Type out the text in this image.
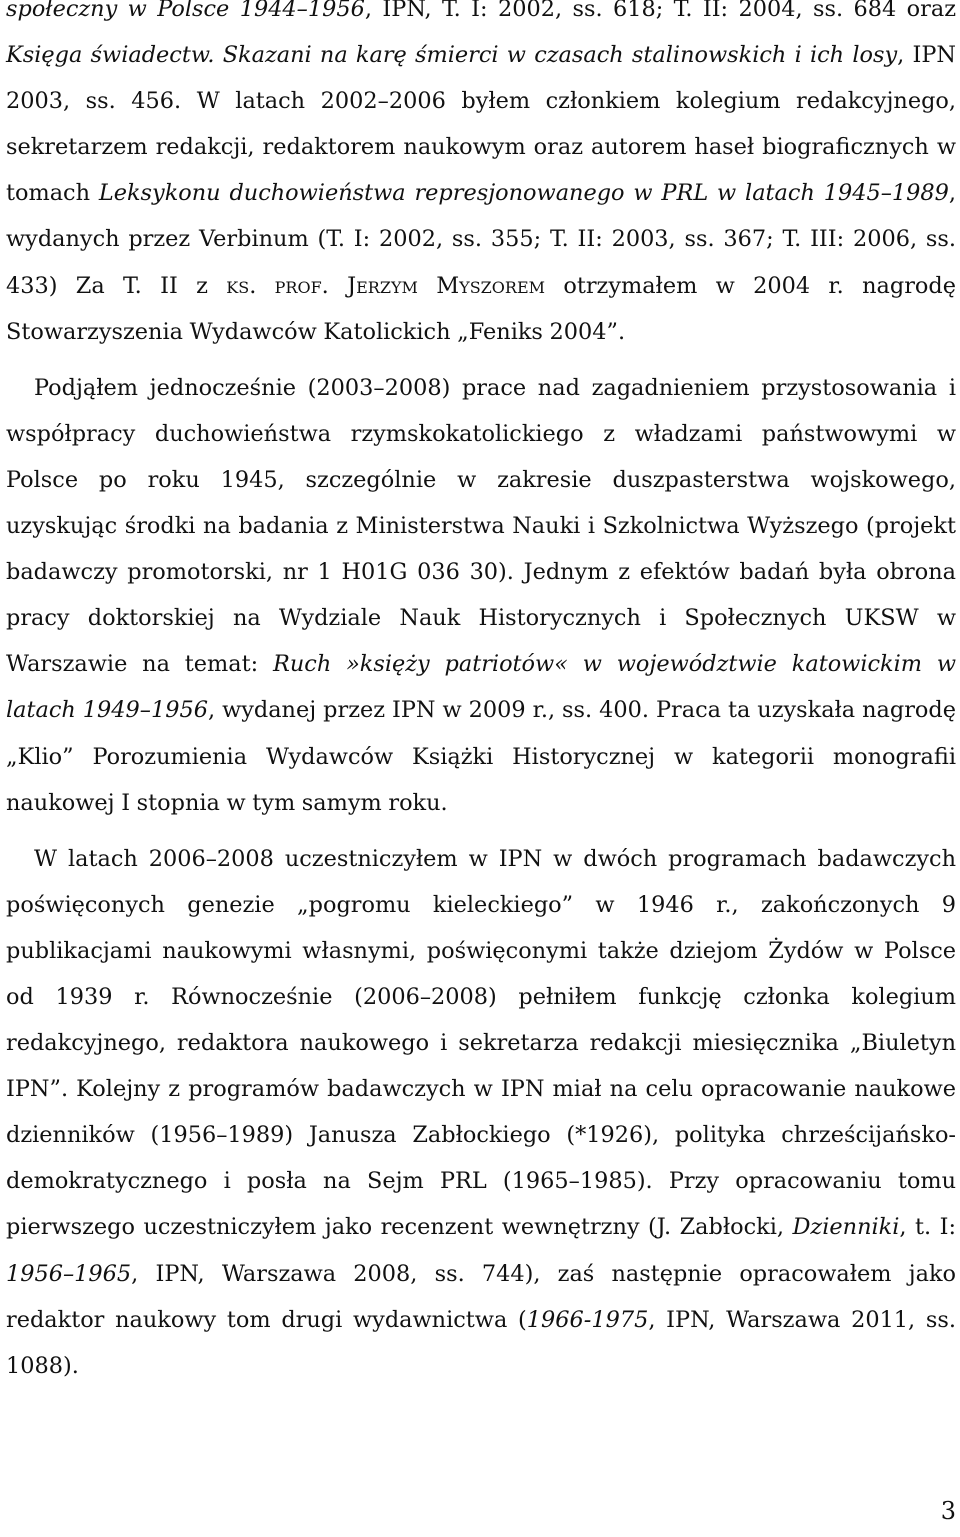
społeczny w Polsce 1944–1956, IPN, T. I: 2002, ss. 618; T. II: 2004, ss. 684 oraz Księga świadectw. Skazani na karę śmierci w czasach stalinowskich i ich losy, IPN 2003, ss. 456. W latach 2002–2006 byłem członkiem kolegium redakcyjnego, sekretarzem redakcji, redaktorem naukowym oraz autorem haseł biograficznych w tomach Leksykonu duchowieństwa represjonowanego w PRL w latach 1945–1989, wydanych przez Verbinum (T. I: 2002, ss. 355; T. II: 2003, ss. 367; T. III: 2006, ss. 433) Za T. II z ks. prof. Jerzym Myszorem otrzymałem w 2004 r. nagrodę Stowarzyszenia Wydawców Katolickich „Feniks 2004”.

Podjąłem jednocześnie (2003–2008) prace nad zagadnieniem przystosowania i współpracy duchowieństwa rzymskokatolickiego z władzami państwowymi w Polsce po roku 1945, szczególnie w zakresie duszpasterstwa wojskowego, uzyskując środki na badania z Ministerstwa Nauki i Szkolnictwa Wyższego (projekt badawczy promotorski, nr 1 H01G 036 30). Jednym z efektów badań była obrona pracy doktorskiej na Wydziale Nauk Historycznych i Społecznych UKSW w Warszawie na temat: Ruch »księży patriotów« w województwie katowickim w latach 1949–1956, wydanej przez IPN w 2009 r., ss. 400. Praca ta uzyskała nagrodę „Klio” Porozumienia Wydawców Książki Historycznej w kategorii monografii naukowej I stopnia w tym samym roku.

W latach 2006–2008 uczestniczyłem w IPN w dwóch programach badawczych poświęconych genezie „pogromu kieleckiego” w 1946 r., zakończonych 9 publikacjami naukowymi własnymi, poświęconymi także dziejom Żydów w Polsce od 1939 r. Równocześnie (2006–2008) pełniłem funkcję członka kolegium redakcyjnego, redaktora naukowego i sekretarza redakcji miesięcznika „Biuletyn IPN”. Kolejny z programów badawczych w IPN miał na celu opracowanie naukowe dzienników (1956–1989) Janusza Zabłockiego (*1926), polityka chrześcijańsko-demokratycznego i posła na Sejm PRL (1965–1985). Przy opracowaniu tomu pierwszego uczestniczyłem jako recenzent wewnętrzny (J. Zabłocki, Dzienniki, t. I: 1956–1965, IPN, Warszawa 2008, ss. 744), zaś następnie opracowałem jako redaktor naukowy tom drugi wydawnictwa (1966-1975, IPN, Warszawa 2011, ss. 1088).

3
